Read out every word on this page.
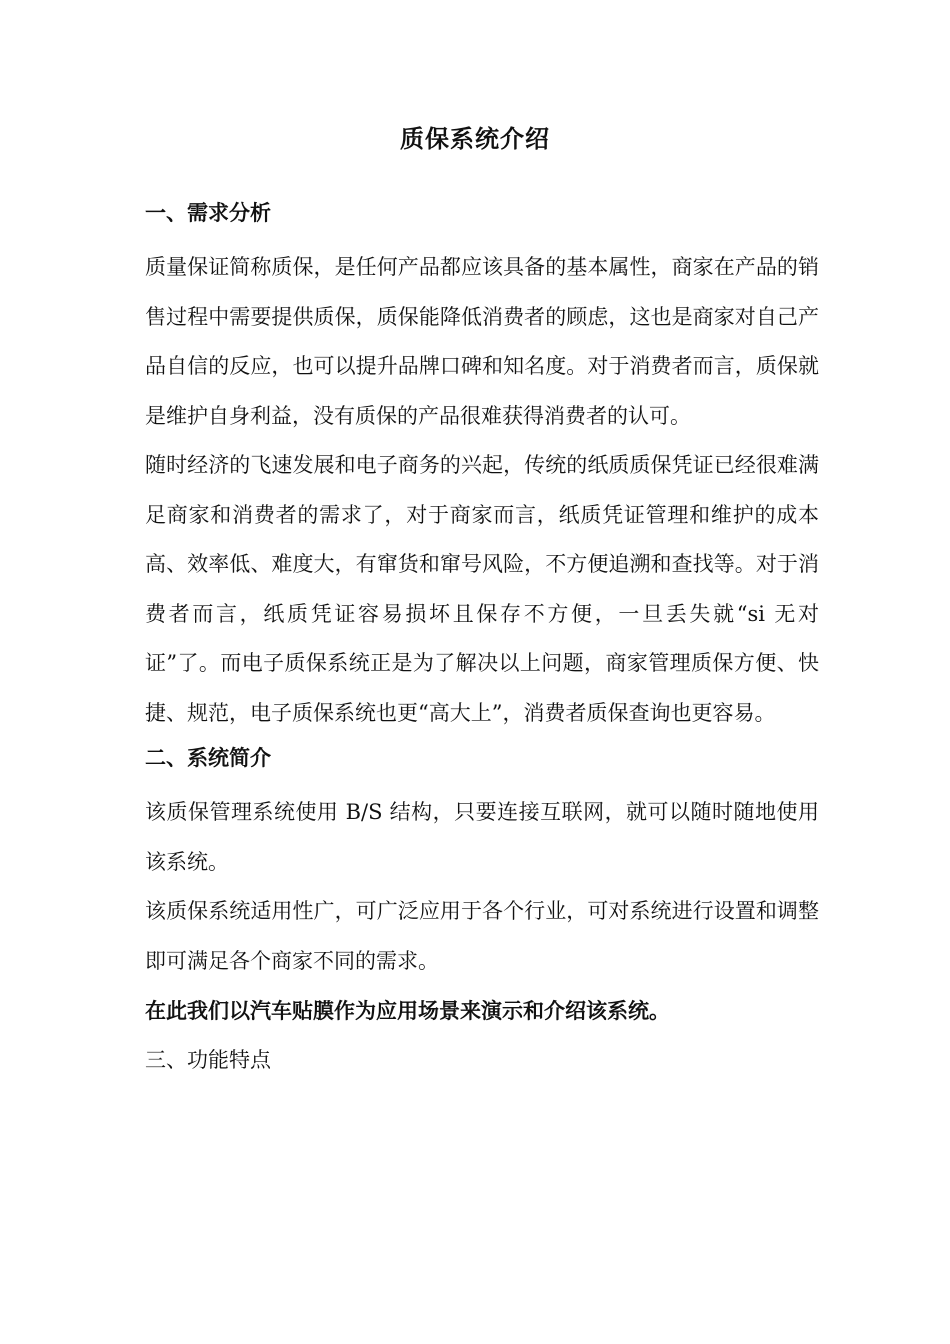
质保系统介绍
一、需求分析

质量保证简称质保，是任何产品都应该具备的基本属性，商家在产品的销售过程中需要提供质保，质保能降低消费者的顾虑，这也是商家对自己产品自信的反应，也可以提升品牌口碑和知名度。对于消费者而言，质保就是维护自身利益，没有质保的产品很难获得消费者的认可。

随时经济的飞速发展和电子商务的兴起，传统的纸质质保凭证已经很难满足商家和消费者的需求了，对于商家而言，纸质凭证管理和维护的成本高、效率低、难度大，有窜货和窜号风险，不方便追溯和查找等。对于消费者而言，纸质凭证容易损坏且保存不方便，一旦丢失就“si 无对证”了。而电子质保系统正是为了解决以上问题，商家管理质保方便、快捷、规范，电子质保系统也更“高大上”，消费者质保查询也更容易。

二、系统简介

该质保管理系统使用 B/S 结构，只要连接互联网，就可以随时随地使用该系统。

该质保系统适用性广，可广泛应用于各个行业，可对系统进行设置和调整即可满足各个商家不同的需求。

在此我们以汽车贴膜作为应用场景来演示和介绍该系统。

三、功能特点
